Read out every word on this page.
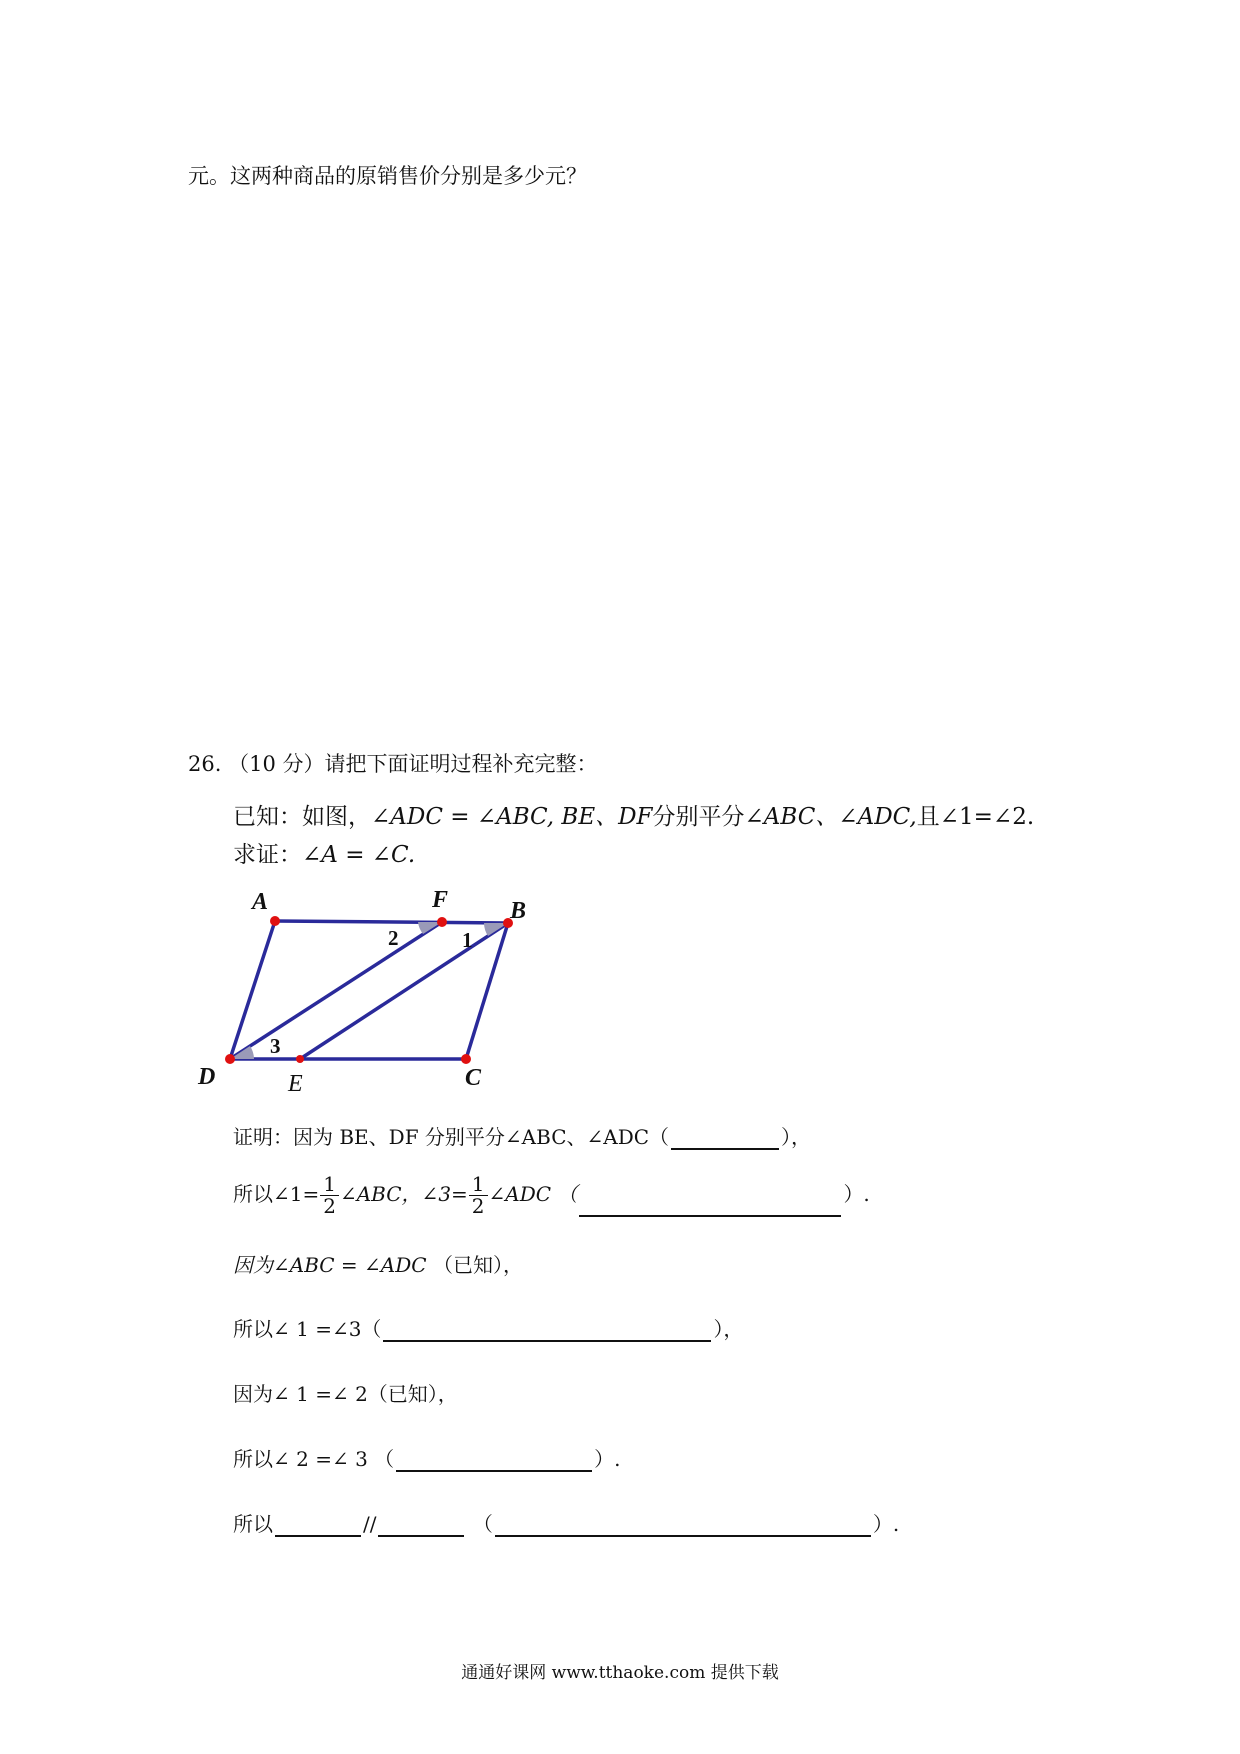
元。这两种商品的原销售价分别是多少元？
26. （10 分）请把下面证明过程补充完整：
已知：如图，∠ADC = ∠ABC, BE、DF分别平分∠ABC、∠ADC,且∠1=∠2.
求证：∠A = ∠C.
A	F	B
D	E	C
2	1
3
证明：因为 BE、DF 分别平分∠ABC、∠ADC（	），
所以∠1= $\frac{1}{2}$ ∠ABC，∠3= $\frac{1}{2}$ ∠ADC （	）.
因为∠ABC = ∠ADC （已知），
所以∠ 1 =∠3（	），
因为∠ 1 =∠ 2（已知），
所以∠ 2 =∠ 3 （	）.
所以	//	（	）.
通通好课网 www.tthaoke.com 提供下载
